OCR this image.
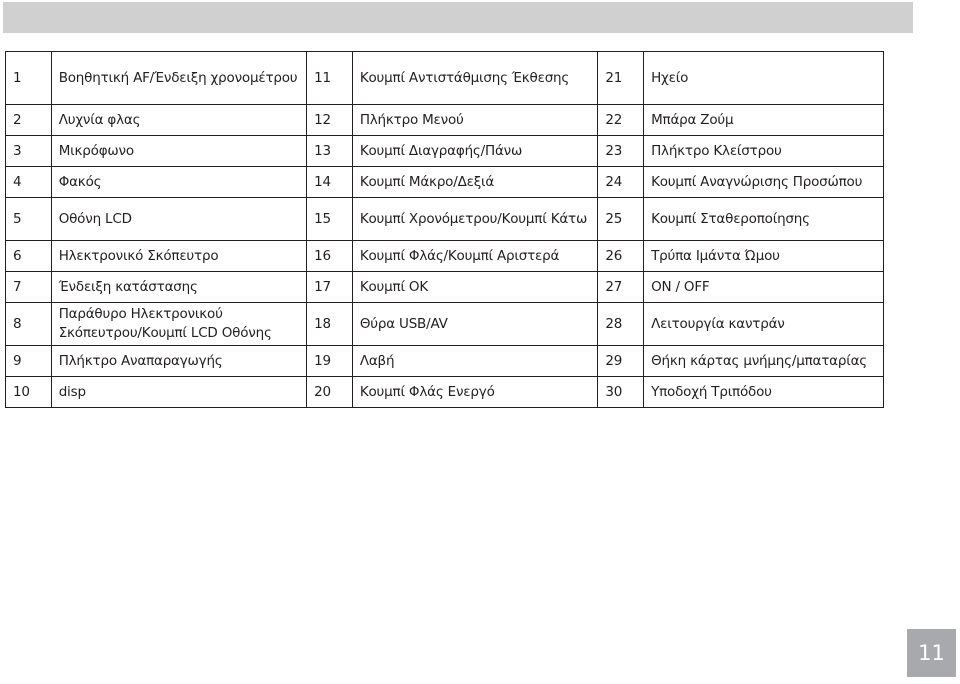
1	Βοηθητική AF/Ένδειξη χρονομέτρου	11	Κουμπί Αντιστάθμισης Έκθεσης	21	Ηχείο
2	Λυχνία φλας	12	Πλήκτρο Μενού	22	Μπάρα Ζούμ
3	Μικρόφωνο	13	Κουμπί Διαγραφής/Πάνω	23	Πλήκτρο Κλείστρου
4	Φακός	14	Κουμπί Μάκρο/Δεξιά	24	Κουμπί Αναγνώρισης Προσώπου
5	Οθόνη LCD	15	Κουμπί Χρονόμετρου/Κουμπί Κάτω	25	Κουμπί Σταθεροποίησης
6	Ηλεκτρονικό Σκόπευτρο	16	Κουμπί Φλάς/Κουμπί Αριστερά	26	Τρύπα Ιμάντα Ώμου
7	Ένδειξη κατάστασης	17	Κουμπί OK	27	ON / OFF
8	Παράθυρο Ηλεκτρονικού Σκόπευτρου/Κουμπί LCD Οθόνης	18	Θύρα USB/AV	28	Λειτουργία καντράν
9	Πλήκτρο Αναπαραγωγής	19	Λαβή	29	Θήκη κάρτας μνήμης/μπαταρίας
10	disp	20	Κουμπί Φλάς Ενεργό	30	Υποδοχή Τριπόδου
11
